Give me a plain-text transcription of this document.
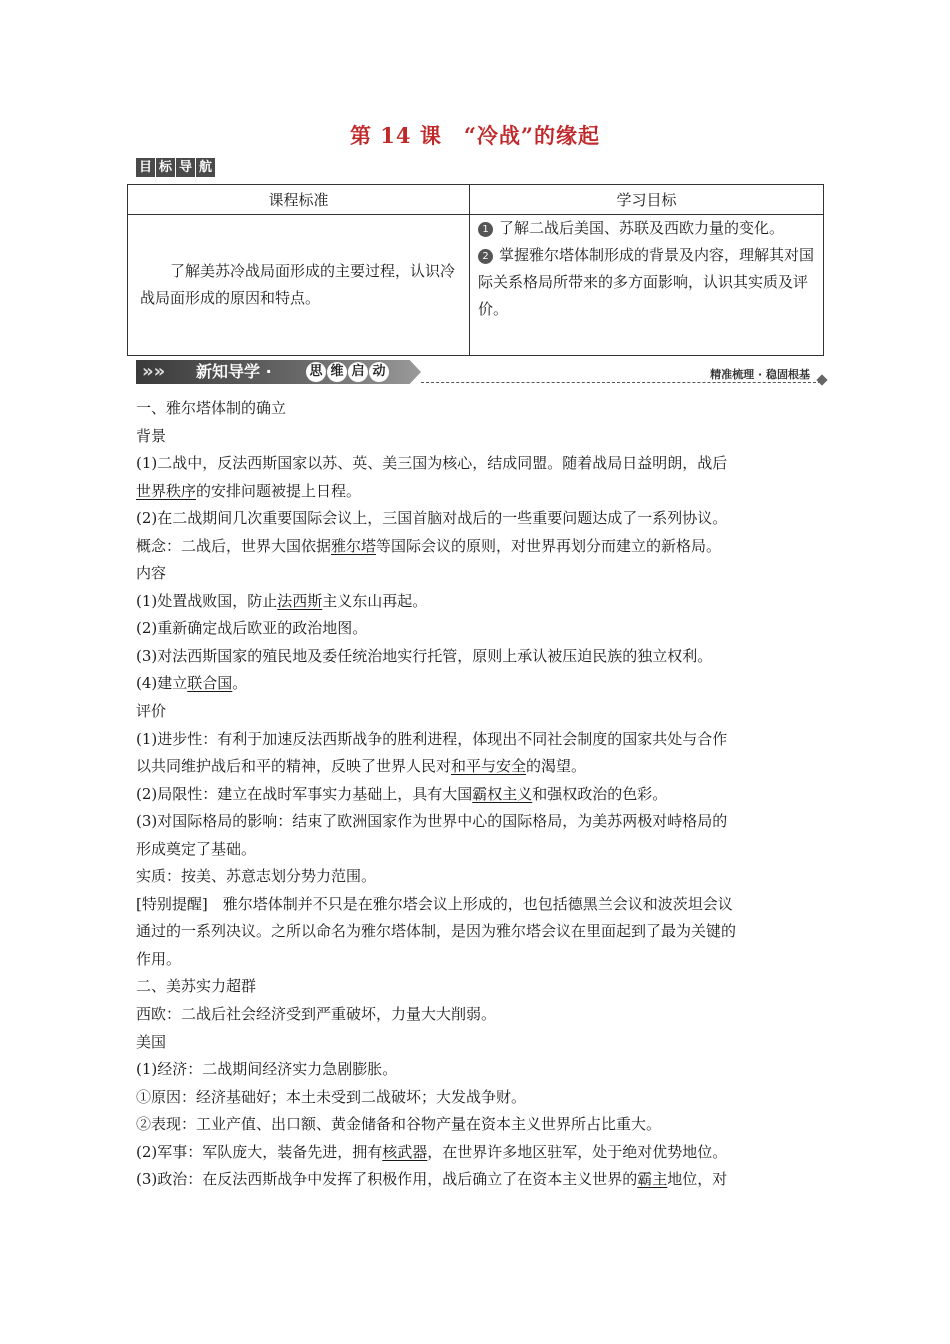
第 14 课　“冷战”的缘起
目 标 导 航
课程标准	学习目标

了解美苏冷战局面形成的主要过程，认识冷战局面形成的原因和特点。	1 了解二战后美国、苏联及西欧力量的变化。
2 掌握雅尔塔体制形成的背景及内容，理解其对国际关系格局所带来的多方面影响，认识其实质及评价。
»» 新知导学 ·	思 维 启 动	精准梳理 · 稳固根基

一、雅尔塔体制的确立

背景

(1)二战中，反法西斯国家以苏、英、美三国为核心，结成同盟。随着战局日益明朗，战后

世界秩序的安排问题被提上日程。

(2)在二战期间几次重要国际会议上，三国首脑对战后的一些重要问题达成了一系列协议。

概念：二战后，世界大国依据雅尔塔等国际会议的原则，对世界再划分而建立的新格局。

内容

(1)处置战败国，防止法西斯主义东山再起。

(2)重新确定战后欧亚的政治地图。

(3)对法西斯国家的殖民地及委任统治地实行托管，原则上承认被压迫民族的独立权利。

(4)建立联合国。

评价

(1)进步性：有利于加速反法西斯战争的胜利进程，体现出不同社会制度的国家共处与合作

以共同维护战后和平的精神，反映了世界人民对和平与安全的渴望。

(2)局限性：建立在战时军事实力基础上，具有大国霸权主义和强权政治的色彩。

(3)对国际格局的影响：结束了欧洲国家作为世界中心的国际格局，为美苏两极对峙格局的

形成奠定了基础。

实质：按美、苏意志划分势力范围。

[特别提醒]　雅尔塔体制并不只是在雅尔塔会议上形成的，也包括德黑兰会议和波茨坦会议

通过的一系列决议。之所以命名为雅尔塔体制，是因为雅尔塔会议在里面起到了最为关键的

作用。

二、美苏实力超群

西欧：二战后社会经济受到严重破坏，力量大大削弱。

美国

(1)经济：二战期间经济实力急剧膨胀。

①原因：经济基础好；本土未受到二战破坏；大发战争财。

②表现：工业产值、出口额、黄金储备和谷物产量在资本主义世界所占比重大。

(2)军事：军队庞大，装备先进，拥有核武器，在世界许多地区驻军，处于绝对优势地位。

(3)政治：在反法西斯战争中发挥了积极作用，战后确立了在资本主义世界的霸主地位，对
